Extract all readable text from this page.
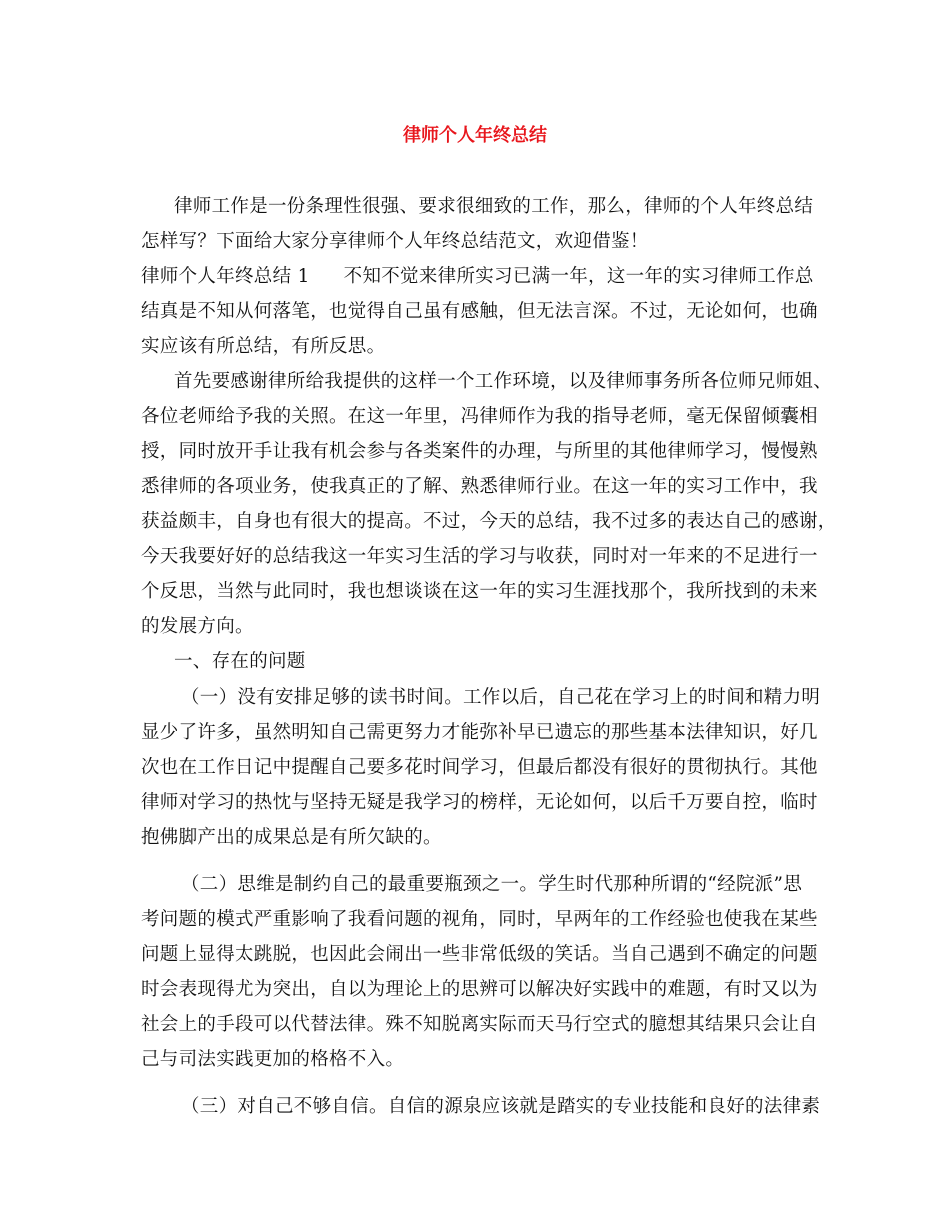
律师个人年终总结
律师工作是一份条理性很强、要求很细致的工作，那么，律师的个人年终总结
怎样写？下面给大家分享律师个人年终总结范文，欢迎借鉴！
律师个人年终总结 1 不知不觉来律所实习已满一年，这一年的实习律师工作总
结真是不知从何落笔，也觉得自己虽有感触，但无法言深。不过，无论如何，也确
实应该有所总结，有所反思。
首先要感谢律所给我提供的这样一个工作环境，以及律师事务所各位师兄师姐、
各位老师给予我的关照。在这一年里，冯律师作为我的指导老师，毫无保留倾囊相
授，同时放开手让我有机会参与各类案件的办理，与所里的其他律师学习，慢慢熟
悉律师的各项业务，使我真正的了解、熟悉律师行业。在这一年的实习工作中，我
获益颇丰，自身也有很大的提高。不过，今天的总结，我不过多的表达自己的感谢，
今天我要好好的总结我这一年实习生活的学习与收获，同时对一年来的不足进行一
个反思，当然与此同时，我也想谈谈在这一年的实习生涯找那个，我所找到的未来
的发展方向。
一、存在的问题
（一）没有安排足够的读书时间。工作以后，自己花在学习上的时间和精力明
显少了许多，虽然明知自己需更努力才能弥补早已遗忘的那些基本法律知识，好几
次也在工作日记中提醒自己要多花时间学习，但最后都没有很好的贯彻执行。其他
律师对学习的热忱与坚持无疑是我学习的榜样，无论如何，以后千万要自控，临时
抱佛脚产出的成果总是有所欠缺的。
（二）思维是制约自己的最重要瓶颈之一。学生时代那种所谓的“经院派”思
考问题的模式严重影响了我看问题的视角，同时，早两年的工作经验也使我在某些
问题上显得太跳脱，也因此会闹出一些非常低级的笑话。当自己遇到不确定的问题
时会表现得尤为突出，自以为理论上的思辨可以解决好实践中的难题，有时又以为
社会上的手段可以代替法律。殊不知脱离实际而天马行空式的臆想其结果只会让自
己与司法实践更加的格格不入。
（三）对自己不够自信。自信的源泉应该就是踏实的专业技能和良好的法律素
